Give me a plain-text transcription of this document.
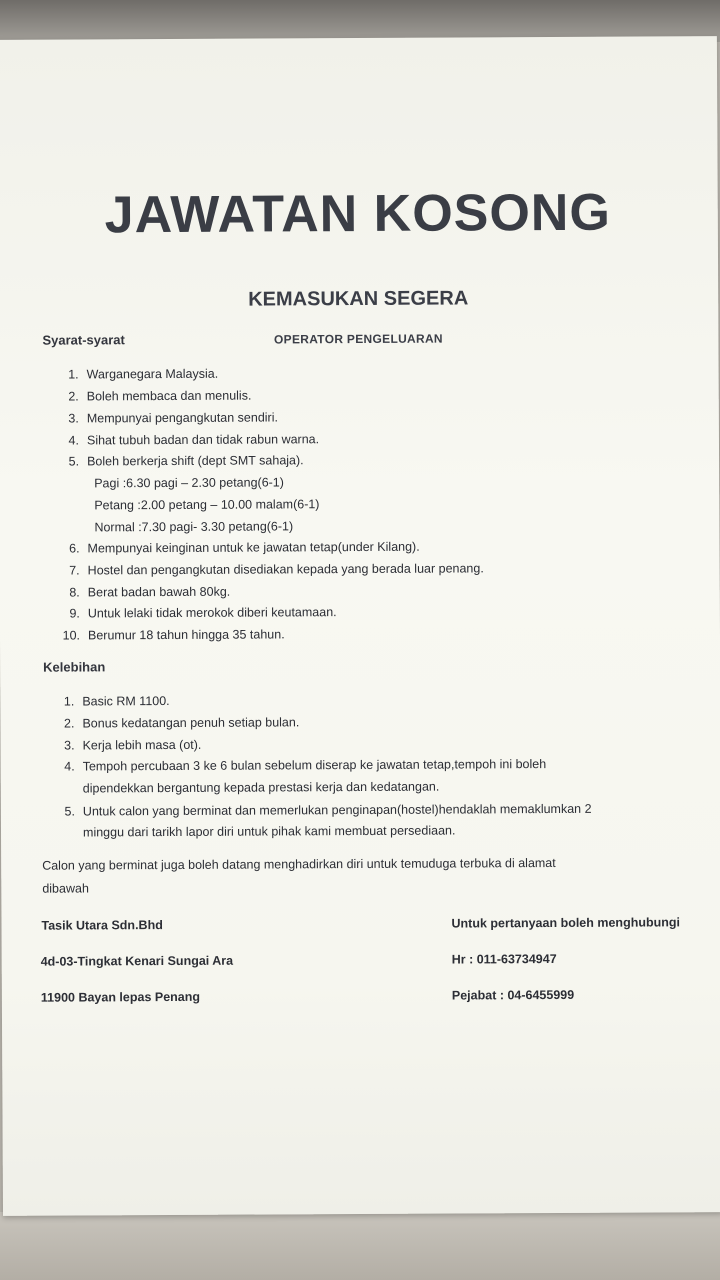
JAWATAN KOSONG
KEMASUKAN SEGERA
OPERATOR PENGELUARAN
Syarat-syarat
1. Warganegara Malaysia.
2. Boleh membaca dan menulis.
3. Mempunyai pengangkutan sendiri.
4. Sihat tubuh badan dan tidak rabun warna.
5. Boleh berkerja shift (dept SMT sahaja).
Pagi :6.30 pagi – 2.30 petang(6-1)
Petang :2.00 petang – 10.00 malam(6-1)
Normal :7.30 pagi- 3.30 petang(6-1)
6. Mempunyai keinginan untuk ke jawatan tetap(under Kilang).
7. Hostel dan pengangkutan disediakan kepada yang berada luar penang.
8. Berat badan bawah 80kg.
9. Untuk lelaki tidak merokok diberi keutamaan.
10. Berumur 18 tahun hingga 35 tahun.
Kelebihan
1. Basic RM 1100.
2. Bonus kedatangan penuh setiap bulan.
3. Kerja lebih masa (ot).
4. Tempoh percubaan 3 ke 6 bulan sebelum diserap ke jawatan tetap,tempoh ini boleh
dipendekkan bergantung kepada prestasi kerja dan kedatangan.
5. Untuk calon yang berminat dan memerlukan penginapan(hostel)hendaklah memaklumkan 2
minggu dari tarikh lapor diri untuk pihak kami membuat persediaan.
Calon yang berminat juga boleh datang menghadirkan diri untuk temuduga terbuka di alamat
dibawah
Tasik Utara Sdn.Bhd
4d-03-Tingkat Kenari Sungai Ara
11900 Bayan lepas Penang
Untuk pertanyaan boleh menghubungi
Hr : 011-63734947
Pejabat : 04-6455999
